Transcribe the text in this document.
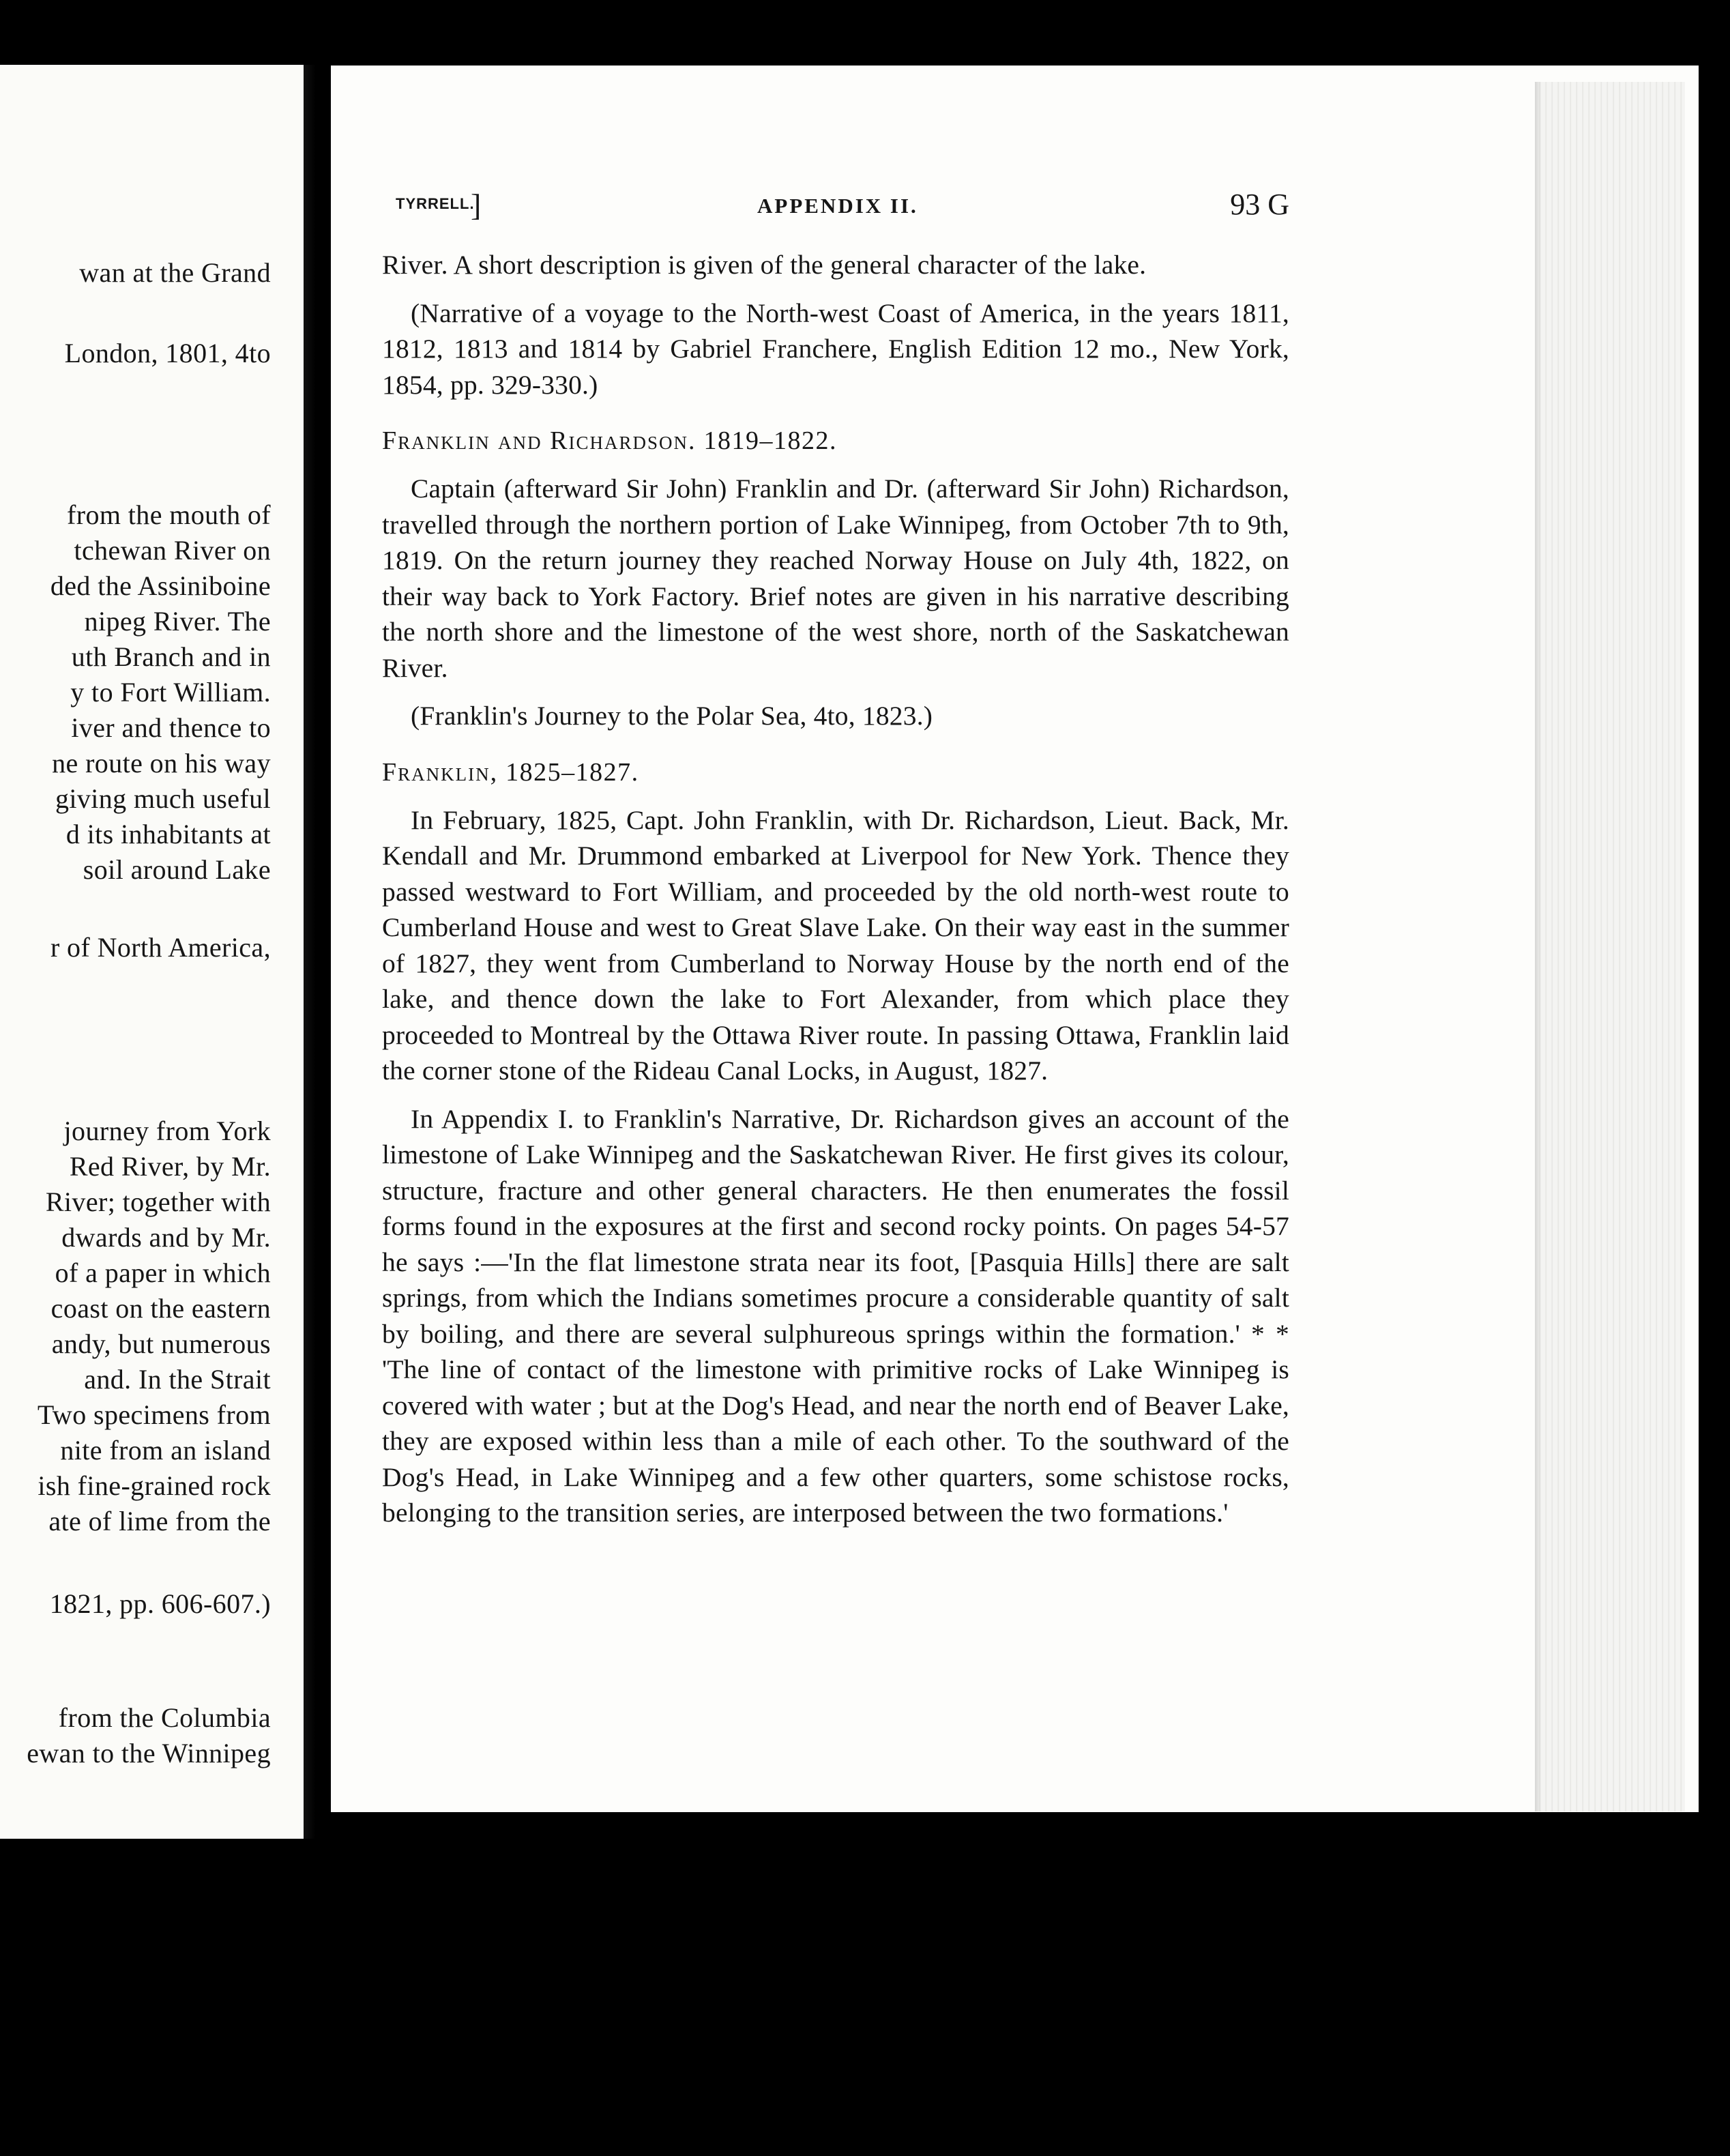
wan at the Grand
London, 1801, 4to
from the mouth of
tchewan River on
ded the Assiniboine
nipeg River. The
uth Branch and in
y to Fort William.
iver and thence to
ne route on his way
giving much useful
d its inhabitants at
soil around Lake
r of North America,
journey from York
Red River, by Mr.
River; together with
dwards and by Mr.
of a paper in which
coast on the eastern
andy, but numerous
and. In the Strait
Two specimens from
nite from an island
ish fine-grained rock
ate of lime from the
1821, pp. 606-607.)
from the Columbia
ewan to the Winnipeg
TYRRELL.
]	APPENDIX II.	93 G

River. A short description is given of the general character of the lake.

(Narrative of a voyage to the North-west Coast of America, in the years 1811, 1812, 1813 and 1814 by Gabriel Franchere, English Edition 12 mo., New York, 1854, pp. 329-330.)

Franklin and Richardson. 1819–1822.

Captain (afterward Sir John) Franklin and Dr. (afterward Sir John) Richardson, travelled through the northern portion of Lake Winnipeg, from October 7th to 9th, 1819. On the return journey they reached Norway House on July 4th, 1822, on their way back to York Factory. Brief notes are given in his narrative describing the north shore and the limestone of the west shore, north of the Saskatchewan River.

(Franklin's Journey to the Polar Sea, 4to, 1823.)

Franklin, 1825–1827.

In February, 1825, Capt. John Franklin, with Dr. Richardson, Lieut. Back, Mr. Kendall and Mr. Drummond embarked at Liverpool for New York. Thence they passed westward to Fort William, and proceeded by the old north-west route to Cumberland House and west to Great Slave Lake. On their way east in the summer of 1827, they went from Cumberland to Norway House by the north end of the lake, and thence down the lake to Fort Alexander, from which place they proceeded to Montreal by the Ottawa River route. In passing Ottawa, Franklin laid the corner stone of the Rideau Canal Locks, in August, 1827.

In Appendix I. to Franklin's Narrative, Dr. Richardson gives an account of the limestone of Lake Winnipeg and the Saskatchewan River. He first gives its colour, structure, fracture and other general characters. He then enumerates the fossil forms found in the exposures at the first and second rocky points. On pages 54-57 he says :—'In the flat limestone strata near its foot, [Pasquia Hills] there are salt springs, from which the Indians sometimes procure a considerable quantity of salt by boiling, and there are several sulphureous springs within the formation.' * * 'The line of contact of the limestone with primitive rocks of Lake Winnipeg is covered with water ; but at the Dog's Head, and near the north end of Beaver Lake, they are exposed within less than a mile of each other. To the southward of the Dog's Head, in Lake Winnipeg and a few other quarters, some schistose rocks, belonging to the transition series, are interposed between the two formations.'
